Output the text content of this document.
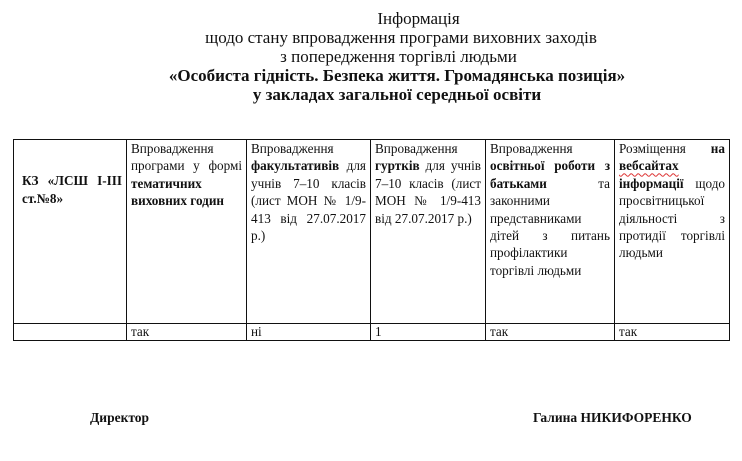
Інформація

щодо стану впровадження програми виховних заходів

з попередження торгівлі людьми

«Особиста гідність. Безпека життя. Громадянська позиція»

у закладах загальної середньої освіти

КЗ «ЛСШ І-ІІІ ст.№8»	Впровадження програми у формі тематичних виховних годин	Впровадження факультативів для учнів 7–10 класів (лист МОН № 1/9-413 від 27.07.2017 р.)	Впровадження гуртків для учнів 7–10 класів (лист МОН № 1/9-413 від 27.07.2017 р.)	Впровадження освітньої роботи з батьками та законними представниками дітей з питань профілактики торгівлі людьми	Розміщення на вебсайтах інформації щодо просвітницької діяльності з протидії торгівлі людьми
	так	ні	1	так	так
Директор	Галина НИКИФОРЕНКО
